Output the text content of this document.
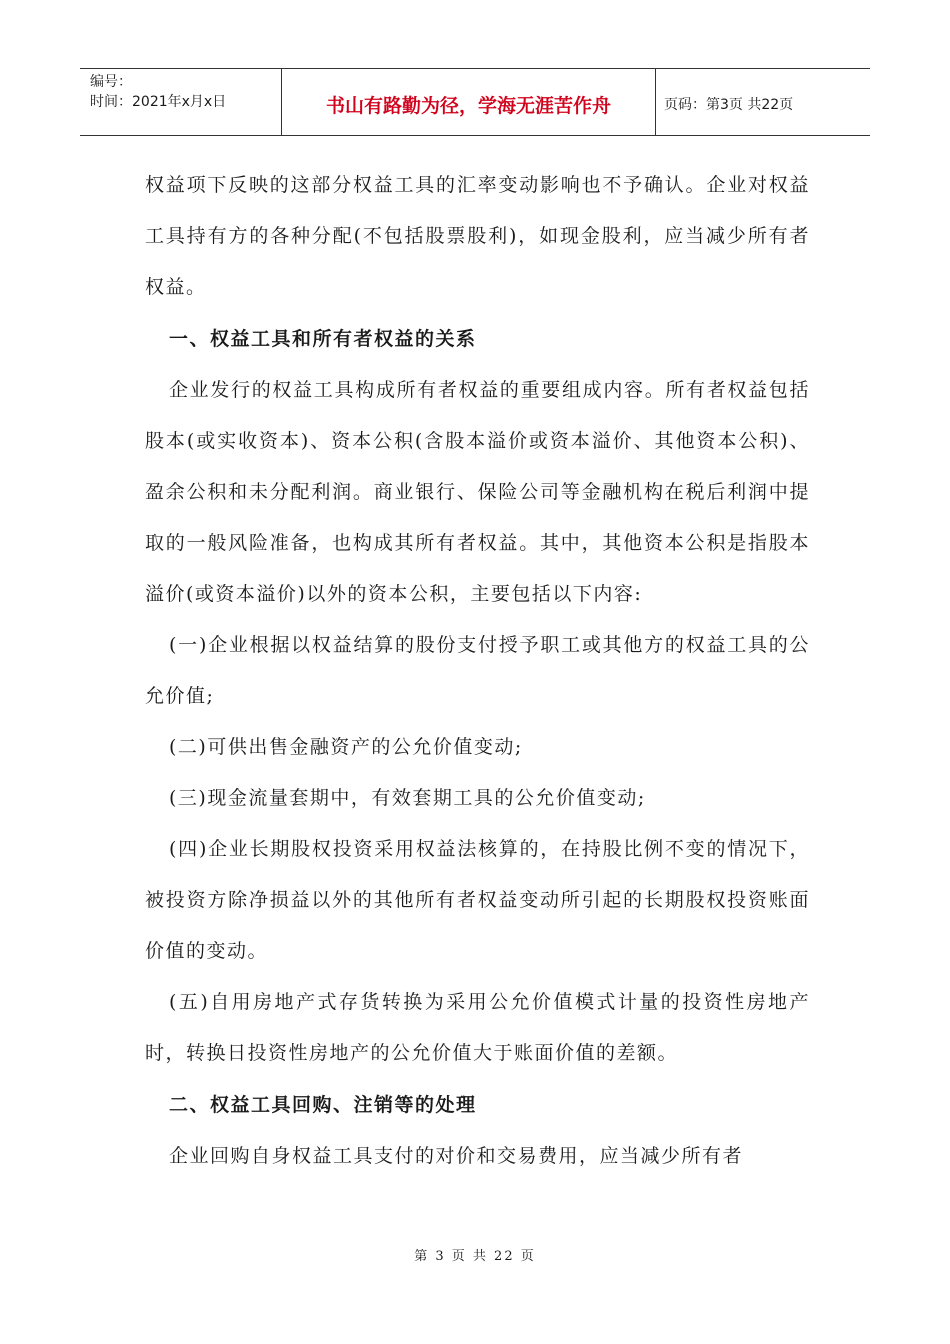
编号：
时间：2021年x月x日	书山有路勤为径，学海无涯苦作舟	页码：第3页 共22页

权益项下反映的这部分权益工具的汇率变动影响也不予确认。企业对权益工具持有方的各种分配(不包括股票股利)，如现金股利，应当减少所有者权益。

一、权益工具和所有者权益的关系

企业发行的权益工具构成所有者权益的重要组成内容。所有者权益包括股本(或实收资本)、资本公积(含股本溢价或资本溢价、其他资本公积)、盈余公积和未分配利润。商业银行、保险公司等金融机构在税后利润中提取的一般风险准备，也构成其所有者权益。其中，其他资本公积是指股本溢价(或资本溢价)以外的资本公积，主要包括以下内容:

(一)企业根据以权益结算的股份支付授予职工或其他方的权益工具的公允价值;

(二)可供出售金融资产的公允价值变动;

(三)现金流量套期中，有效套期工具的公允价值变动;

(四)企业长期股权投资采用权益法核算的，在持股比例不变的情况下，被投资方除净损益以外的其他所有者权益变动所引起的长期股权投资账面价值的变动。

(五)自用房地产式存货转换为采用公允价值模式计量的投资性房地产时，转换日投资性房地产的公允价值大于账面价值的差额。

二、权益工具回购、注销等的处理

企业回购自身权益工具支付的对价和交易费用，应当减少所有者

第 3 页 共 22 页
